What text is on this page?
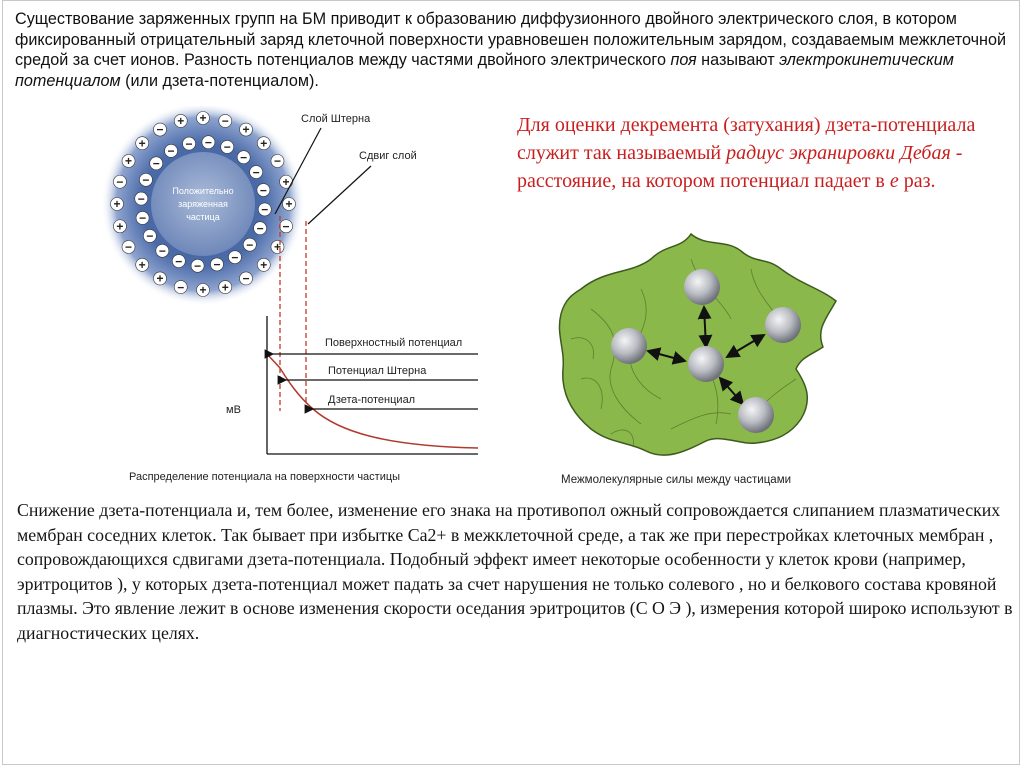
Существование заряженных групп на БМ приводит к образованию диффузионного двойного электрического слоя, в котором фиксированный отрицательный заряд клеточной поверхности уравновешен положительным зарядом, создаваемым межклеточной средой за счет ионов. Разность потенциалов между частями двойного электрического поя называют электрокинетическим потенциалом (или дзета-потенциалом).
Для оценки декремента (затухания) дзета-потенциала служит так называемый радиус экранировки Дебая - расстояние, на котором потенциал падает в е раз.
Положительно
заряженная
частица
−
−
−
−
−
−
−
−
−
−
−
−
−
−
− − −
−
−
−
+
−
+
+
−
+
+
−
+
+
−
+
+
−
+
+
−
+ + −
+
+
−
+
Слой Штерна
Сдвиг слой
мВ
Поверхностный потенциал
Потенциал Штерна
Дзета-потенциал
Распределение потенциала на поверхности частицы	Межмолекулярные силы между частицами
Снижение дзета-потенциала и, тем более, изменение его знака на противопол ожный сопровождается слипанием плазматических мембран соседних клеток. Так бывает при избытке Са2+ в межклеточной среде, а так же при перестройках клеточных мембран , сопровождающихся сдвигами дзета-потенциала. Подобный эффект имеет некоторые особенности у клеток крови (например, эритроцитов ), у которых дзета-потенциал может падать за счет нарушения не только солевого , но и белкового состава кровяной плазмы. Это явление лежит в основе изменения скорости оседания эритроцитов (С О Э ), измерения которой широко используют в диагностических целях.
